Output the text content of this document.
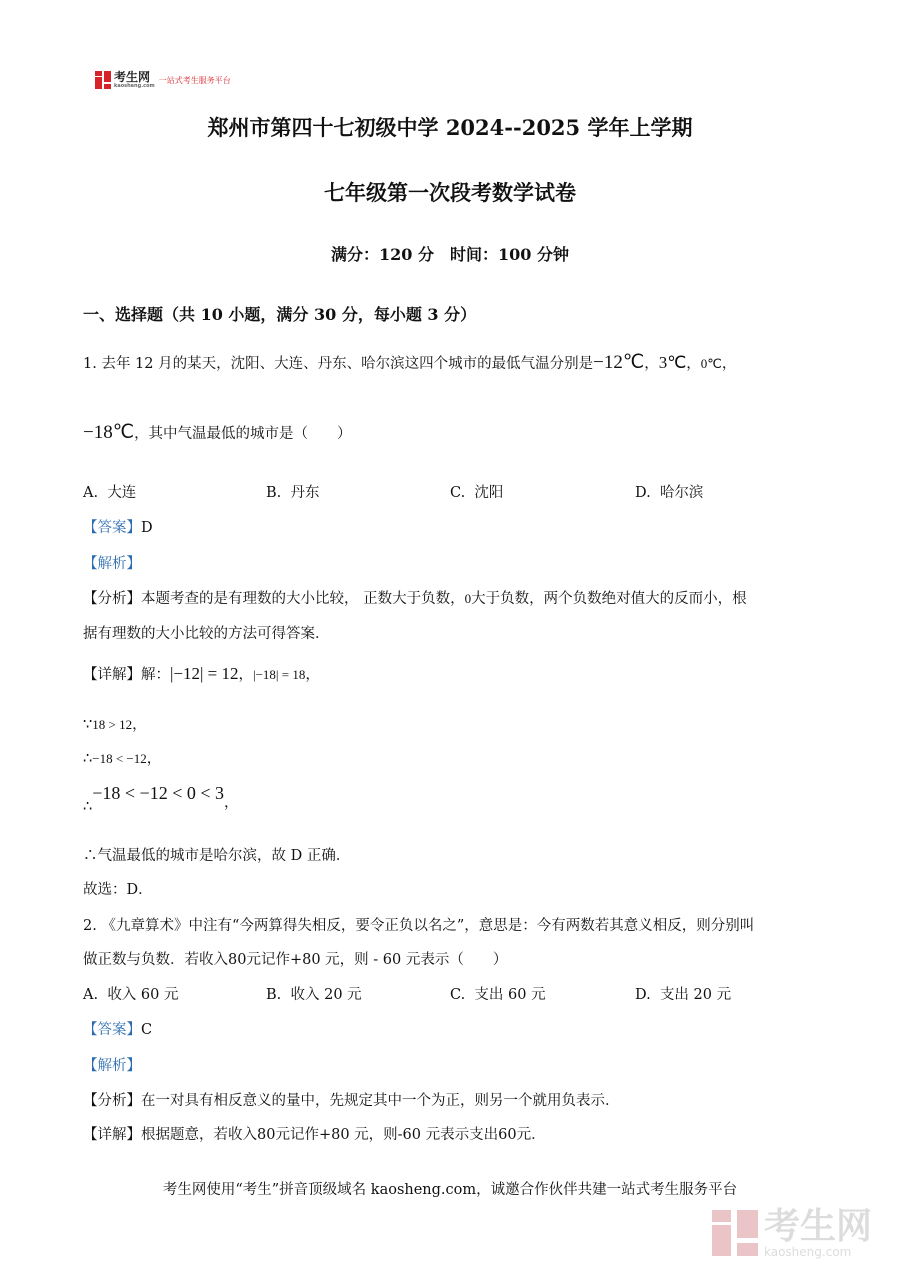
考生网
kaosheng.com
一站式考生服务平台
郑州市第四十七初级中学 2024--2025 学年上学期
七年级第一次段考数学试卷
满分：120 分　时间：100 分钟
一、选择题（共 10 小题，满分 30 分，每小题 3 分）
1. 去年 12 月的某天，沈阳、大连、丹东、哈尔滨这四个城市的最低气温分别是−12℃，3℃，0℃，
−18℃，其中气温最低的城市是（　　）
A. 大连	B. 丹东	C. 沈阳	D. 哈尔滨
【答案】D
【解析】
【分析】本题考查的是有理数的大小比较， 正数大于负数，0大于负数，两个负数绝对值大的反而小，根
据有理数的大小比较的方法可得答案．
【详解】解：|−12| = 12，|−18| = 18，
∵18 > 12，
∴−18 < −12，
∴−18 < −12 < 0 < 3，
∴气温最低的城市是哈尔滨，故 D 正确．
故选：D．
2. 《九章算术》中注有“今两算得失相反，要令正负以名之”，意思是：今有两数若其意义相反，则分别叫
做正数与负数．若收入80元记作+80 元，则 - 60 元表示（　　）
A. 收入 60 元	B. 收入 20 元	C. 支出 60 元	D. 支出 20 元
【答案】C
【解析】
【分析】在一对具有相反意义的量中，先规定其中一个为正，则另一个就用负表示．
【详解】根据题意，若收入80元记作+80 元，则-60 元表示支出60元．
考生网使用“考生”拼音顶级域名 kaosheng.com，诚邀合作伙伴共建一站式考生服务平台
考生网
kaosheng.com
